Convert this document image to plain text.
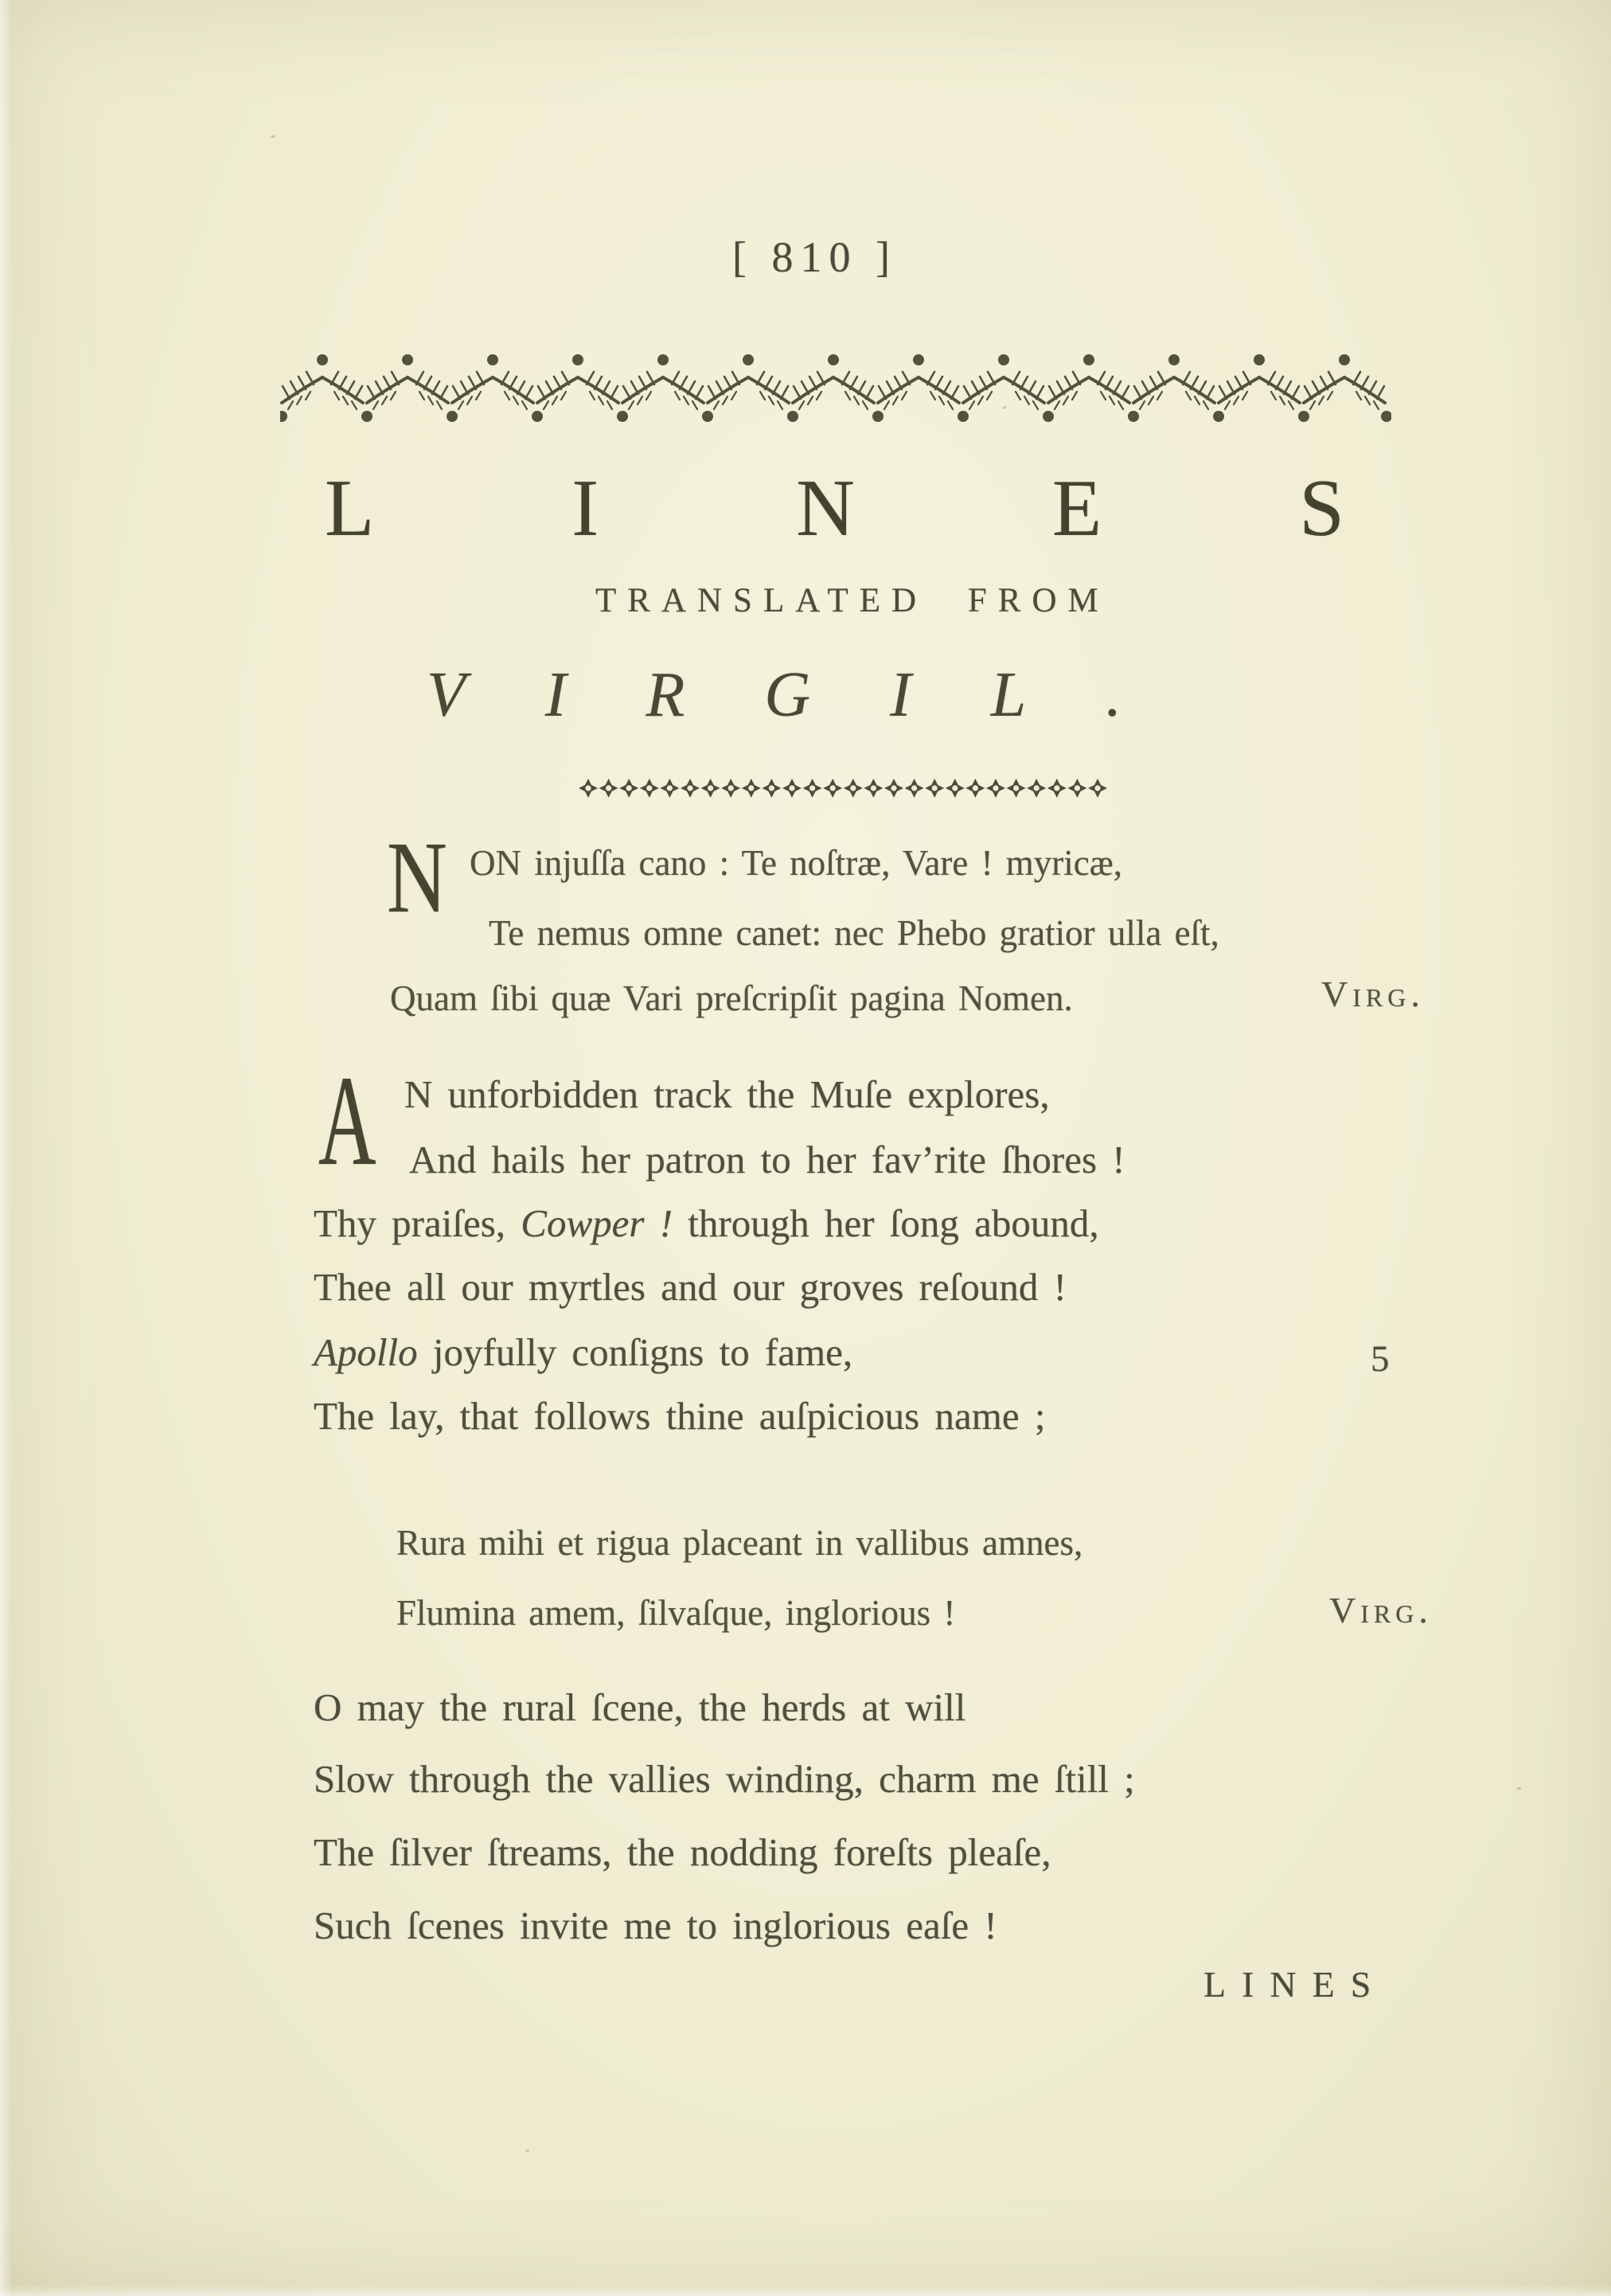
[ 810 ]
LINES
TRANSLATED FROM
VIRGIL.
N ON injuſſa cano : Te noſtræ, Vare ! myricæ,
Te nemus omne canet: nec Phebo gratior ulla eſt,
Quam ſibi quæ Vari preſcripſit pagina Nomen.	Virg.
A N unforbidden track the Muſe explores,
And hails her patron to her fav’rite ſhores !
Thy praiſes, Cowper ! through her ſong abound,
Thee all our myrtles and our groves reſound !
Apollo joyfully conſigns to fame,	5
The lay, that follows thine auſpicious name ;
Rura mihi et rigua placeant in vallibus amnes,
Flumina amem, ſilvaſque, inglorious !	Virg.
O may the rural ſcene, the herds at will
Slow through the vallies winding, charm me ſtill ;
The ſilver ſtreams, the nodding foreſts pleaſe,
Such ſcenes invite me to inglorious eaſe !
LINES
